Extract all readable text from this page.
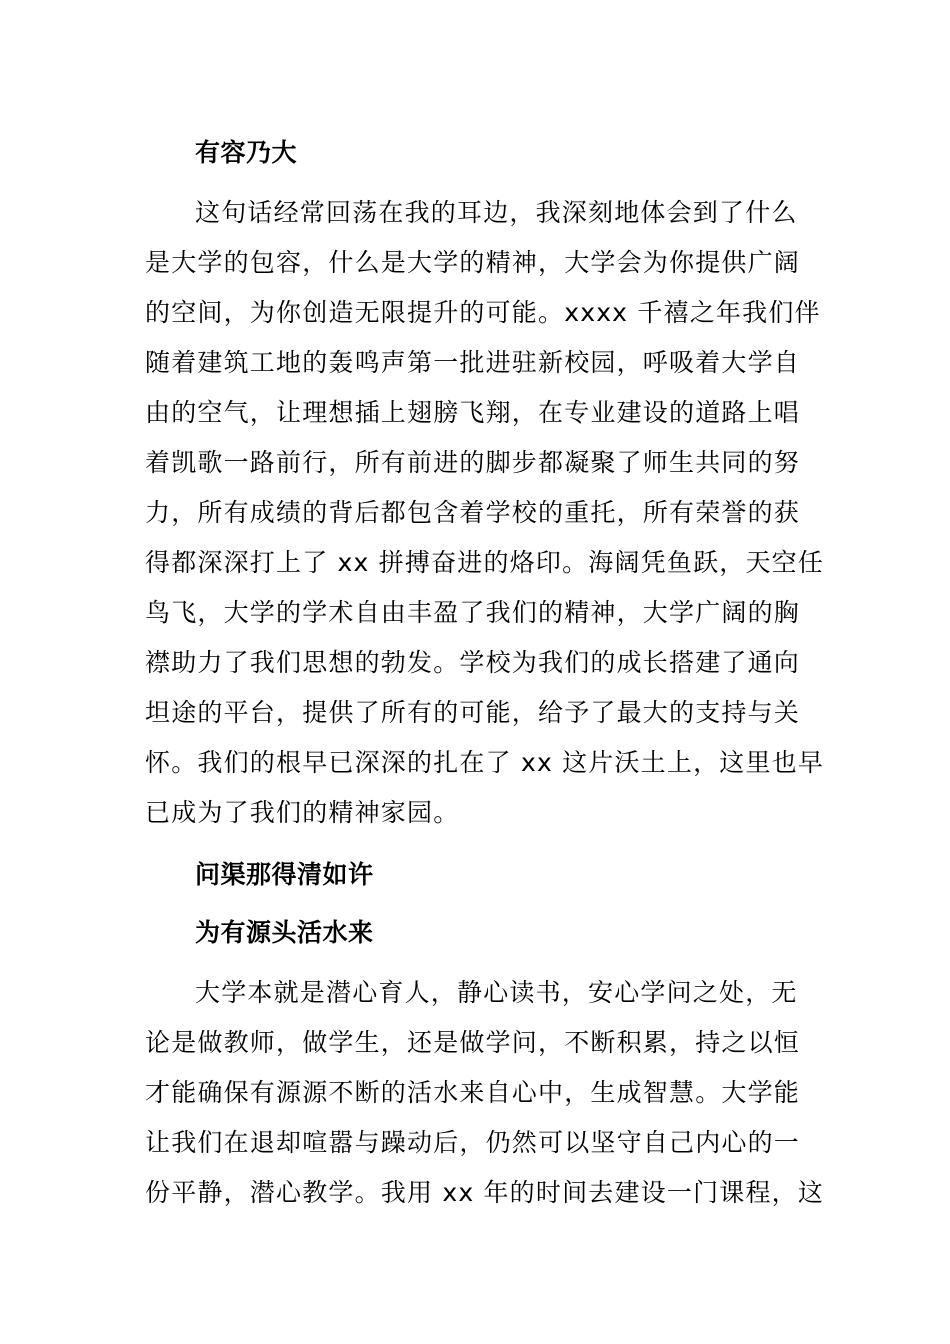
有容乃大

这句话经常回荡在我的耳边，我深刻地体会到了什么
是大学的包容，什么是大学的精神，大学会为你提供广阔
的空间，为你创造无限提升的可能。xxxx 千禧之年我们伴
随着建筑工地的轰鸣声第一批进驻新校园，呼吸着大学自
由的空气，让理想插上翅膀飞翔，在专业建设的道路上唱
着凯歌一路前行，所有前进的脚步都凝聚了师生共同的努
力，所有成绩的背后都包含着学校的重托，所有荣誉的获
得都深深打上了 xx 拼搏奋进的烙印。海阔凭鱼跃，天空任
鸟飞，大学的学术自由丰盈了我们的精神，大学广阔的胸
襟助力了我们思想的勃发。学校为我们的成长搭建了通向
坦途的平台，提供了所有的可能，给予了最大的支持与关
怀。我们的根早已深深的扎在了 xx 这片沃土上，这里也早
已成为了我们的精神家园。

问渠那得清如许
为有源头活水来

大学本就是潜心育人，静心读书，安心学问之处，无
论是做教师，做学生，还是做学问，不断积累，持之以恒
才能确保有源源不断的活水来自心中，生成智慧。大学能
让我们在退却喧嚣与躁动后，仍然可以坚守自己内心的一
份平静，潜心教学。我用 xx 年的时间去建设一门课程，这
